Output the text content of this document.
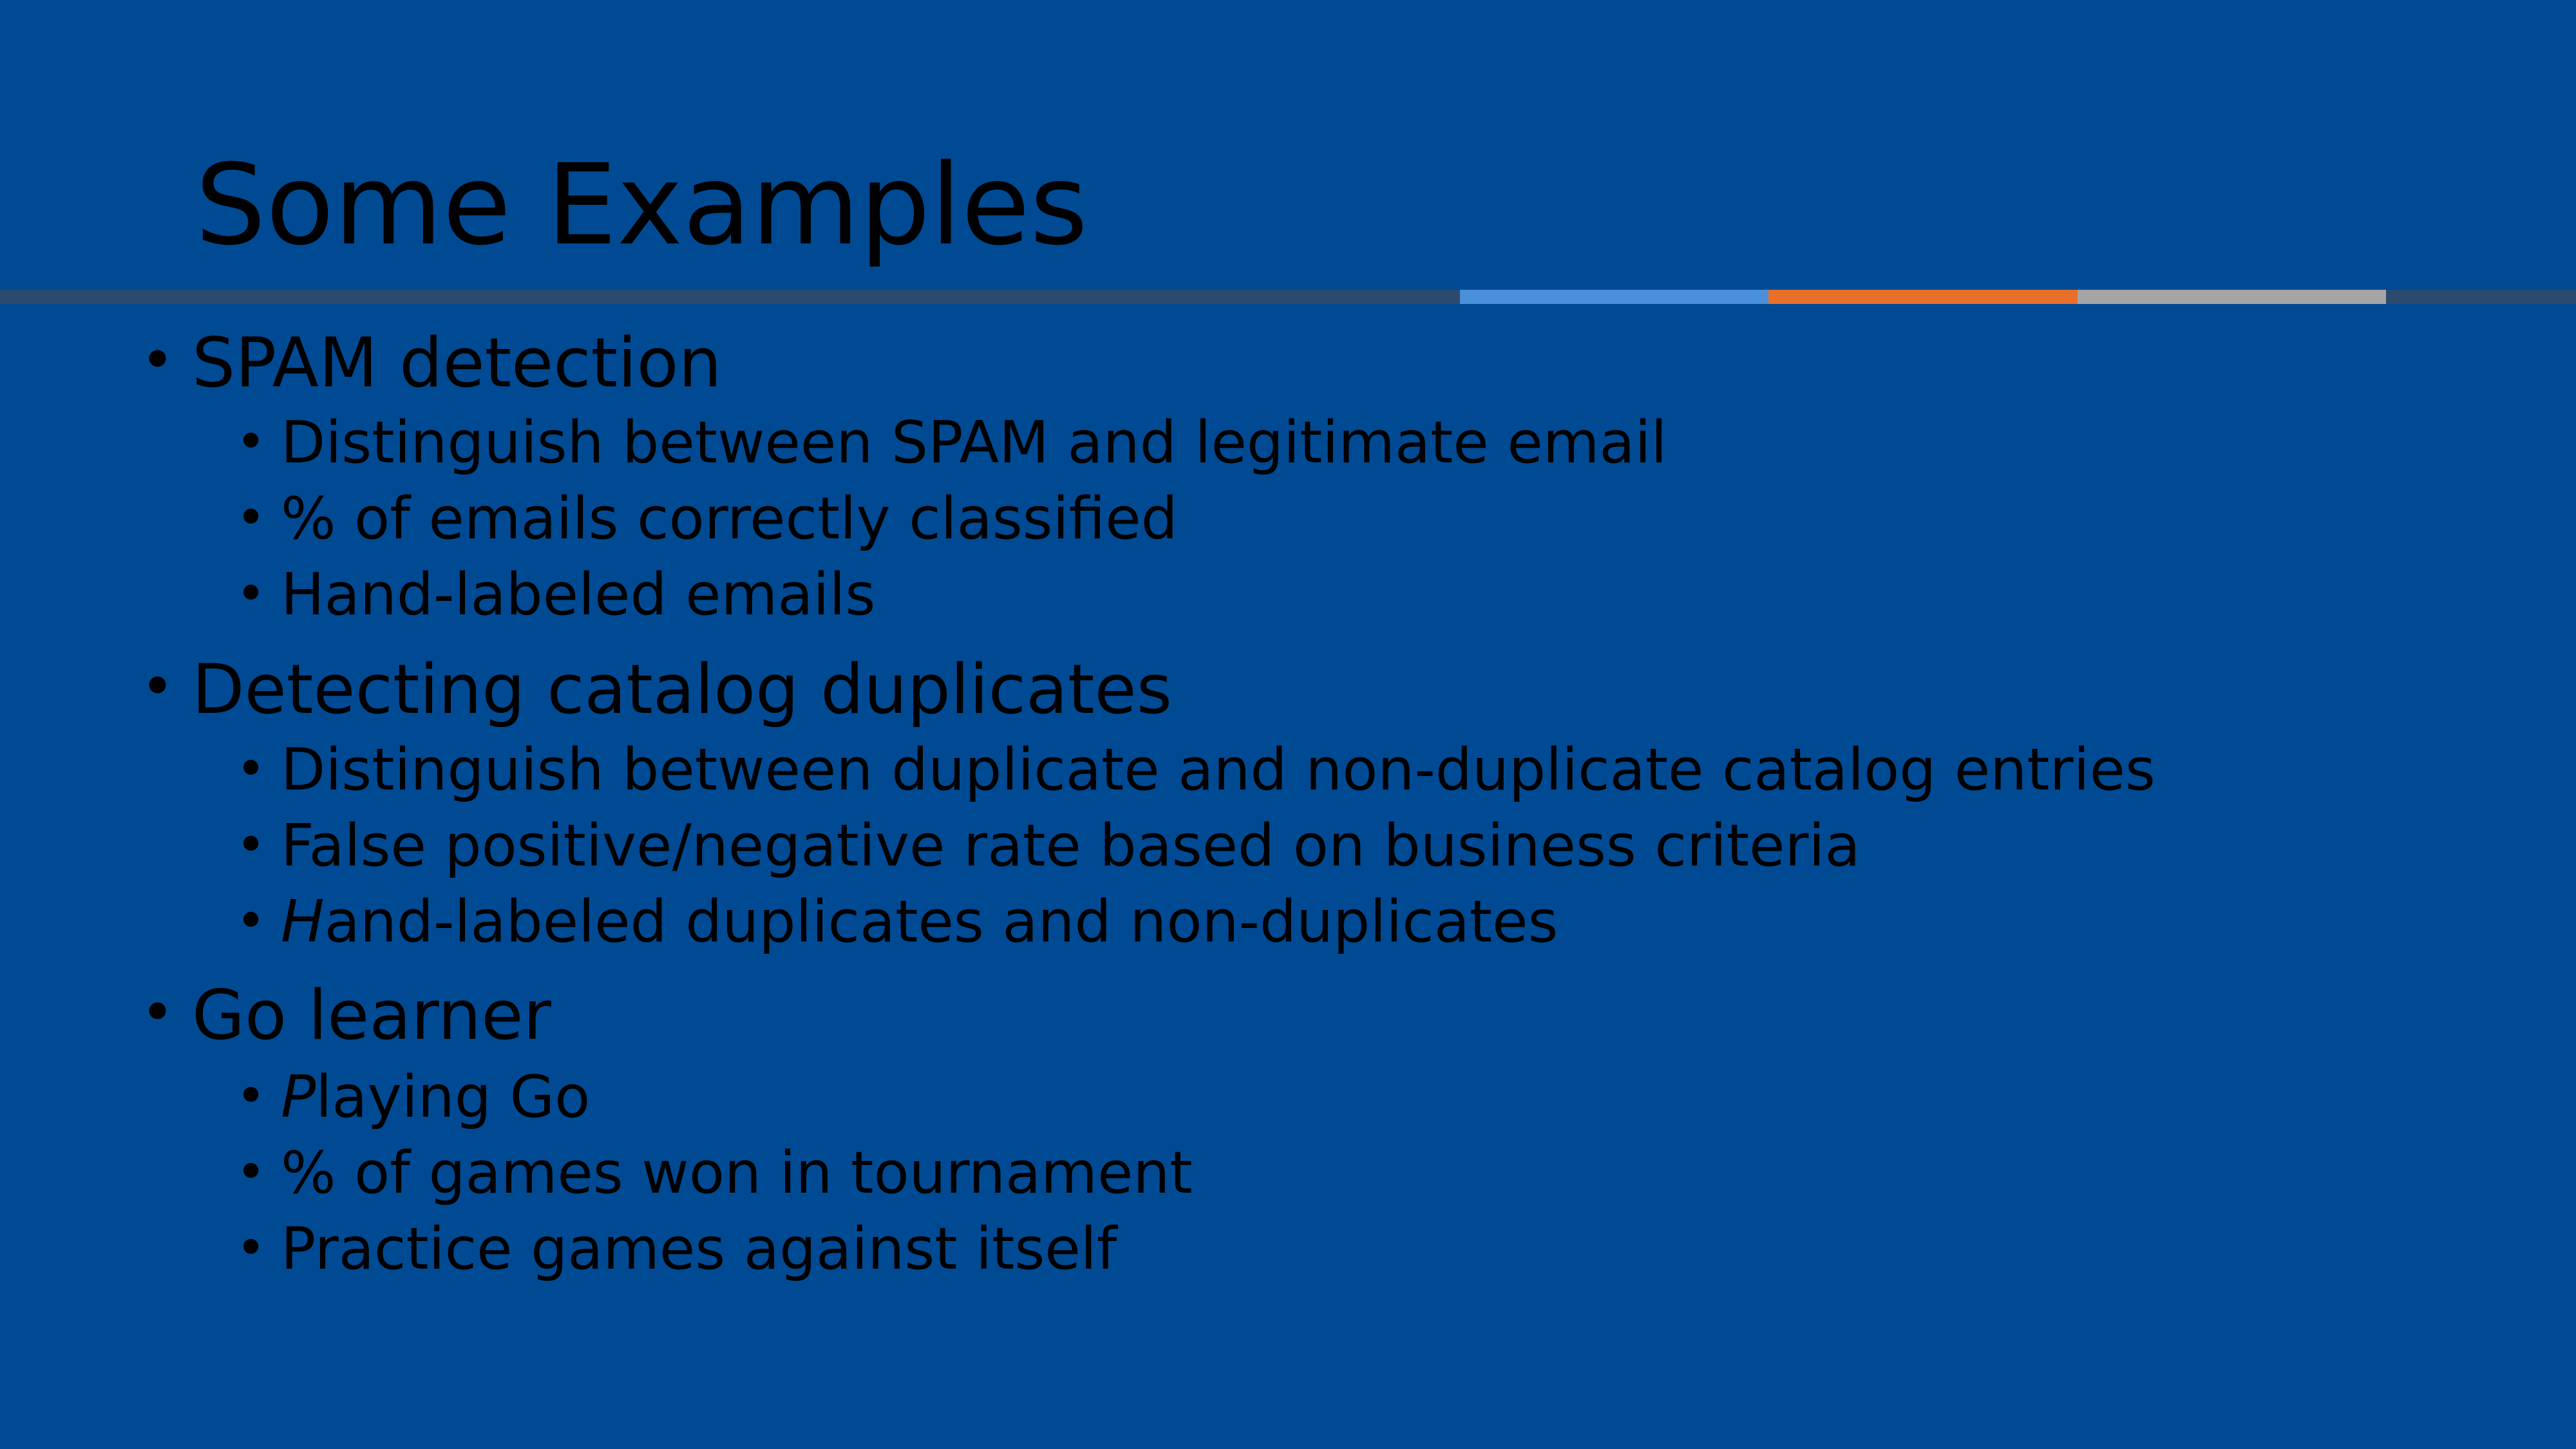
Some Examples
• SPAM detection
• Distinguish between SPAM and legitimate email
• % of emails correctly classified
• Hand-labeled emails
• Detecting catalog duplicates
• Distinguish between duplicate and non-duplicate catalog entries
• False positive/negative rate based on business criteria
• Hand-labeled duplicates and non-duplicates
• Go learner
• Playing Go
• % of games won in tournament
• Practice games against itself
